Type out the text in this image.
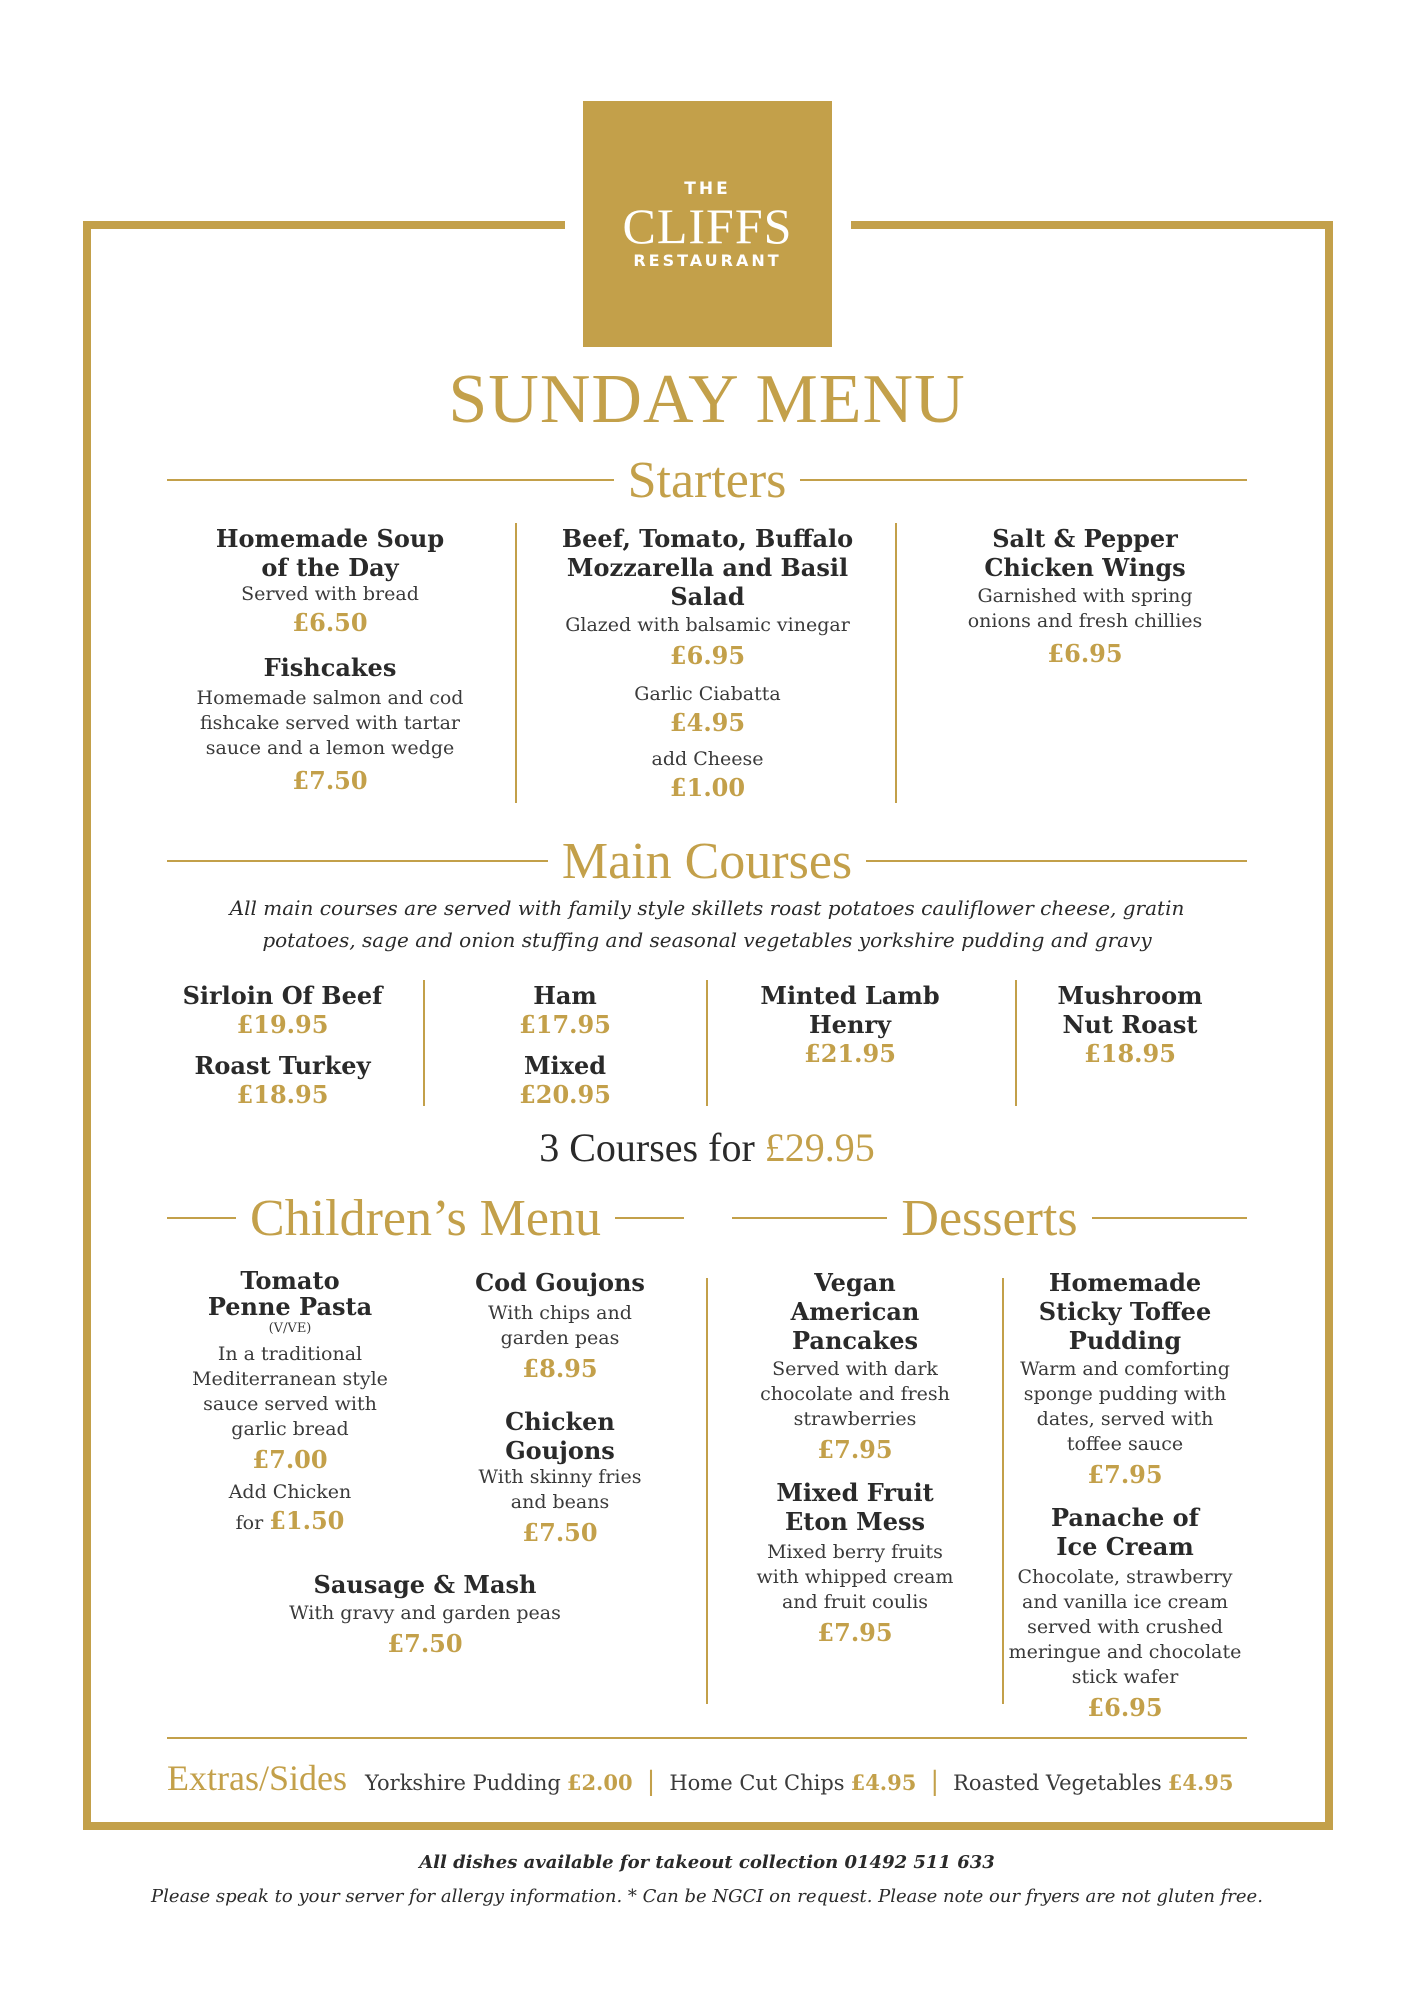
THE
CLIFFS
RESTAURANT
SUNDAY MENU
Starters
Homemade Soup of the Day
Served with bread
£6.50
Fishcakes
Homemade salmon and cod fishcake served with tartar sauce and a lemon wedge
£7.50
Beef, Tomato, Buffalo Mozzarella and Basil Salad
Glazed with balsamic vinegar
£6.95
Garlic Ciabatta
£4.95
add Cheese
£1.00
Salt & Pepper Chicken Wings
Garnished with spring onions and fresh chillies
£6.95
Main Courses
All main courses are served with family style skillets roast potatoes cauliflower cheese, gratin potatoes, sage and onion stuffing and seasonal vegetables yorkshire pudding and gravy
Sirloin Of Beef
£19.95
Roast Turkey
£18.95
Ham
£17.95
Mixed
£20.95
Minted Lamb Henry
£21.95
Mushroom Nut Roast
£18.95
3 Courses for £29.95
Children’s Menu	Desserts
Tomato Penne Pasta
(V/VE)
In a traditional Mediterranean style sauce served with garlic bread
£7.00
Add Chicken
for £1.50
Cod Goujons
With chips and garden peas
£8.95
Chicken Goujons
With skinny fries and beans
£7.50
Sausage & Mash
With gravy and garden peas
£7.50
Vegan American Pancakes
Served with dark chocolate and fresh strawberries
£7.95
Mixed Fruit Eton Mess
Mixed berry fruits with whipped cream and fruit coulis
£7.95
Homemade Sticky Toffee Pudding
Warm and comforting sponge pudding with dates, served with toffee sauce
£7.95
Panache of Ice Cream
Chocolate, strawberry and vanilla ice cream served with crushed meringue and chocolate stick wafer
£6.95
Extras/Sides Yorkshire Pudding £2.00 | Home Cut Chips £4.95 | Roasted Vegetables £4.95
All dishes available for takeout collection 01492 511 633
Please speak to your server for allergy information. * Can be NGCI on request. Please note our fryers are not gluten free.
